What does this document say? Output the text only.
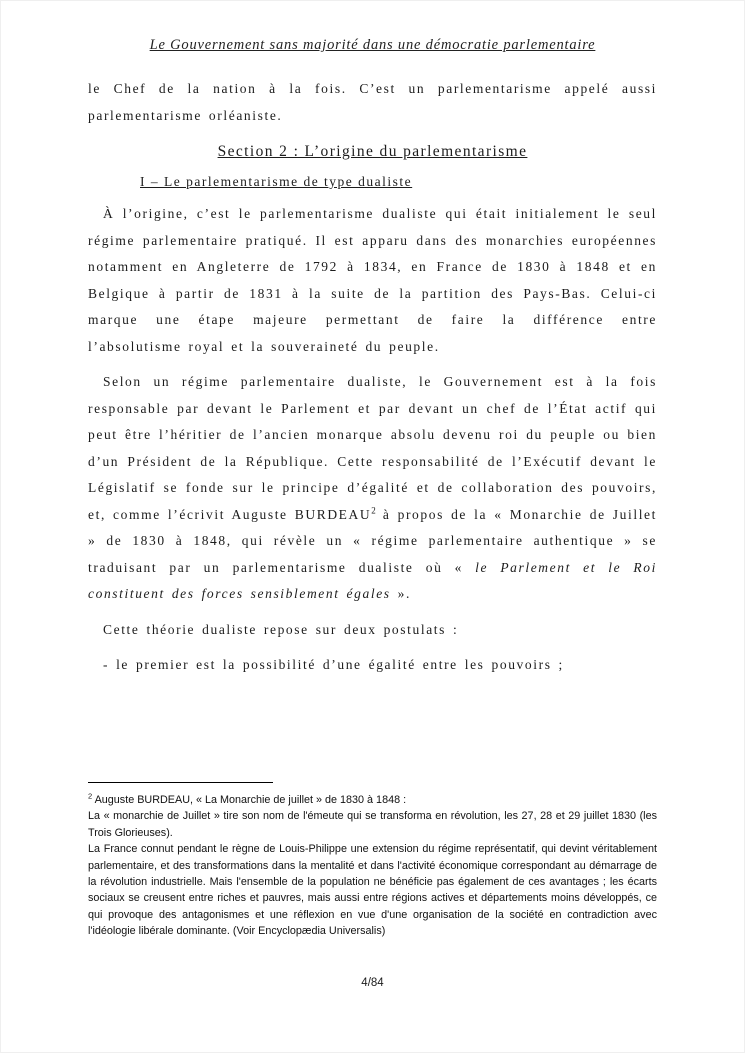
Le Gouvernement sans majorité dans une démocratie parlementaire

le Chef de la nation à la fois. C’est un parlementarisme appelé aussi parlementarisme orléaniste.

Section 2 : L’origine du parlementarisme
I – Le parlementarisme de type dualiste

À l’origine, c’est le parlementarisme dualiste qui était initialement le seul régime parlementaire pratiqué. Il est apparu dans des monarchies européennes notamment en Angleterre de 1792 à 1834, en France de 1830 à 1848 et en Belgique à partir de 1831 à la suite de la partition des Pays-Bas. Celui-ci marque une étape majeure permettant de faire la différence entre l’absolutisme royal et la souveraineté du peuple.

Selon un régime parlementaire dualiste, le Gouvernement est à la fois responsable par devant le Parlement et par devant un chef de l’État actif qui peut être l’héritier de l’ancien monarque absolu devenu roi du peuple ou bien d’un Président de la République. Cette responsabilité de l’Exécutif devant le Législatif se fonde sur le principe d’égalité et de collaboration des pouvoirs, et, comme l’écrivit Auguste BURDEAU$^2$ à propos de la « Monarchie de Juillet » de 1830 à 1848, qui révèle un « régime parlementaire authentique » se traduisant par un parlementarisme dualiste où « le Parlement et le Roi constituent des forces sensiblement égales ».

Cette théorie dualiste repose sur deux postulats :

- le premier est la possibilité d’une égalité entre les pouvoirs ;

$^2$ Auguste BURDEAU, « La Monarchie de juillet » de 1830 à 1848 :

La « monarchie de Juillet » tire son nom de l'émeute qui se transforma en révolution, les 27, 28 et 29 juillet 1830 (les Trois Glorieuses).

La France connut pendant le règne de Louis-Philippe une extension du régime représentatif, qui devint véritablement parlementaire, et des transformations dans la mentalité et dans l'activité économique correspondant au démarrage de la révolution industrielle. Mais l'ensemble de la population ne bénéficie pas également de ces avantages ; les écarts sociaux se creusent entre riches et pauvres, mais aussi entre régions actives et départements moins développés, ce qui provoque des antagonismes et une réflexion en vue d'une organisation de la société en contradiction avec l'idéologie libérale dominante. (Voir Encyclopædia Universalis)

4/84
